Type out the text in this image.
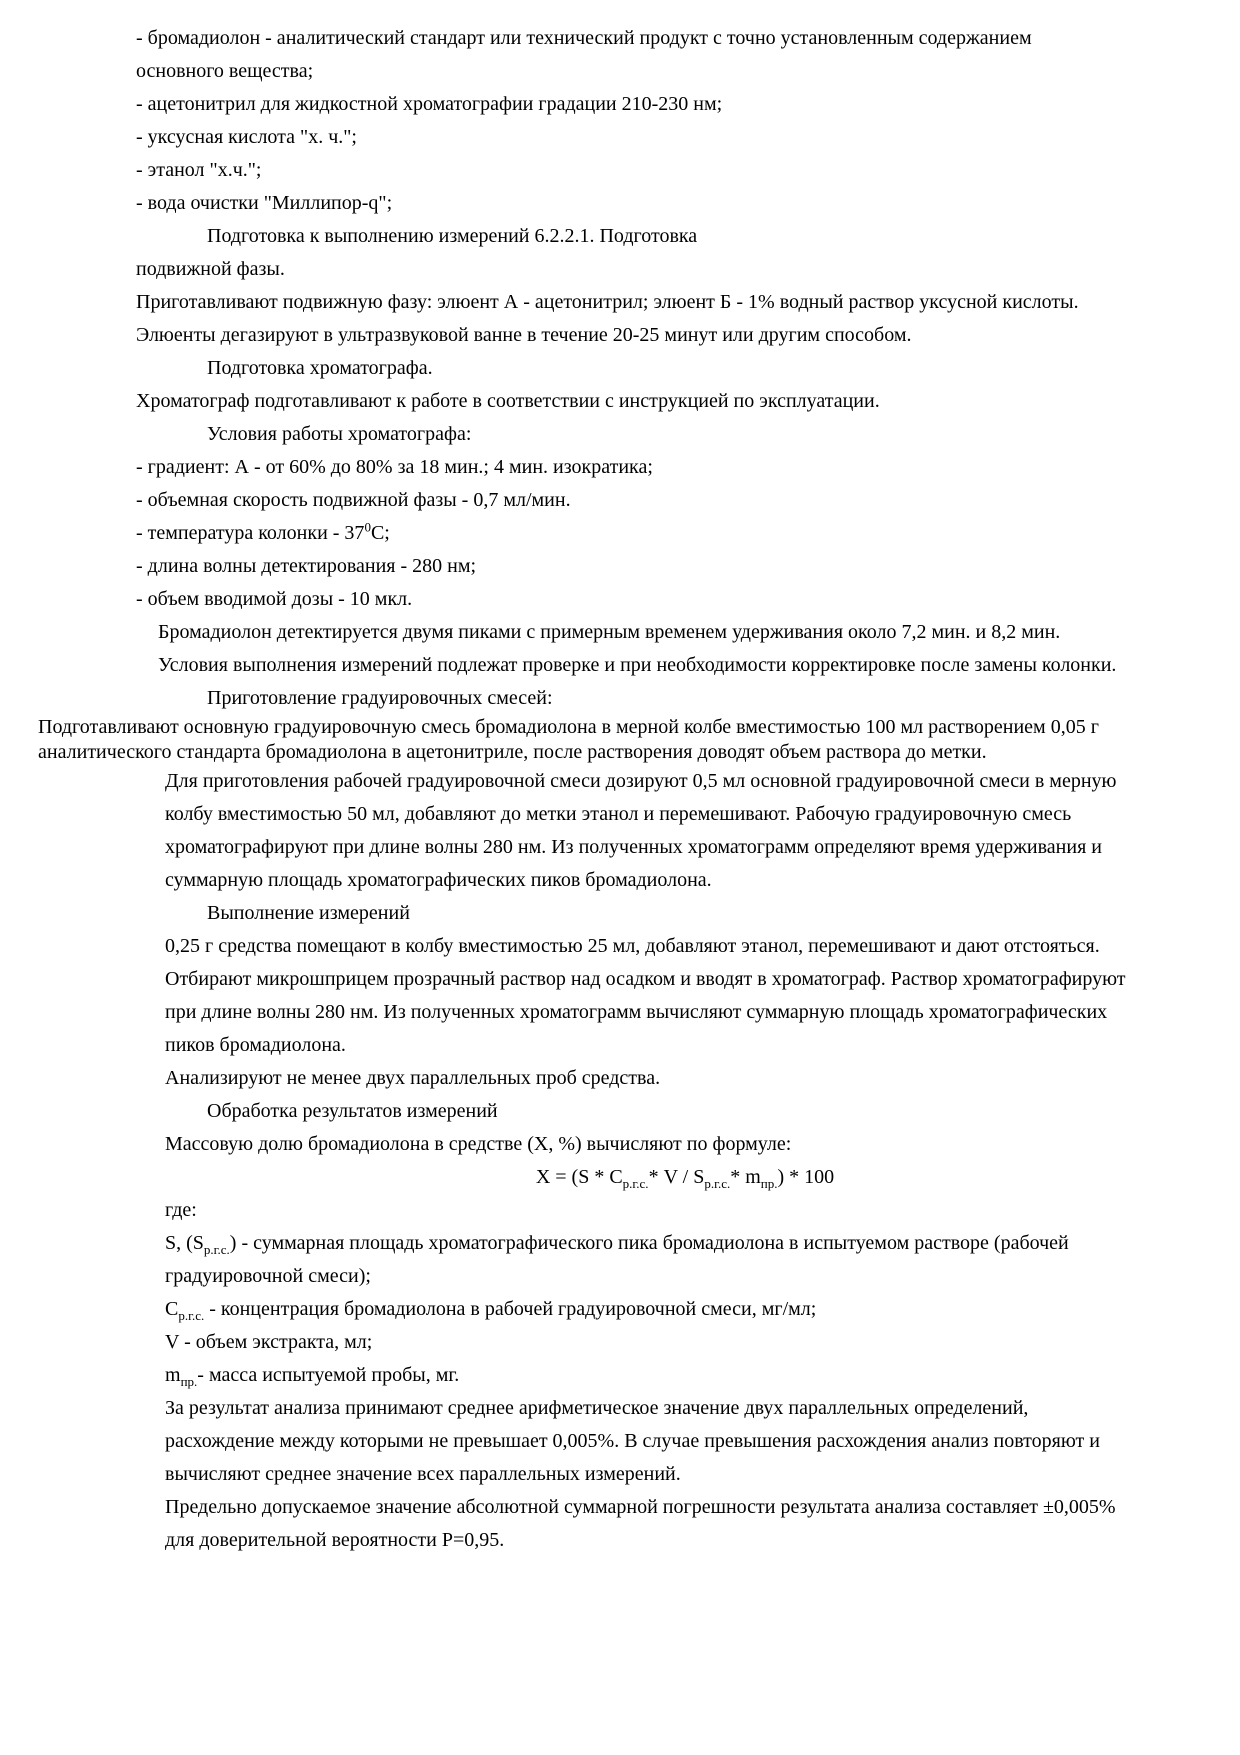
- бромадиолон - аналитический стандарт или технический продукт с точно установленным содержанием

основного вещества;

- ацетонитрил для жидкостной хроматографии градации 210-230 нм;

- уксусная кислота "х. ч.";

- этанол "х.ч.";

- вода очистки "Миллипор-q";

Подготовка к выполнению измерений 6.2.2.1. Подготовка

подвижной фазы.

Приготавливают подвижную фазу: элюент А - ацетонитрил; элюент Б - 1% водный раствор уксусной кислоты.

Элюенты дегазируют в ультразвуковой ванне в течение 20-25 минут или другим способом.

Подготовка хроматографа.

Хроматограф подготавливают к работе в соответствии с инструкцией по эксплуатации.

Условия работы хроматографа:

- градиент: А - от 60% до 80% за 18 мин.; 4 мин. изократика;

- объемная скорость подвижной фазы - 0,7 мл/мин.

- температура колонки - $37^0С$;

- длина волны детектирования - 280 нм;

- объем вводимой дозы - 10 мкл.

Бромадиолон детектируется двумя пиками с примерным временем удерживания около 7,2 мин. и 8,2 мин.

Условия выполнения измерений подлежат проверке и при необходимости корректировке после замены колонки.

Приготовление градуировочных смесей:

Подготавливают основную градуировочную смесь бромадиолона в мерной колбе вместимостью 100 мл растворением 0,05 г

аналитического стандарта бромадиолона в ацетонитриле, после растворения доводят объем раствора до метки.

Для приготовления рабочей градуировочной смеси дозируют 0,5 мл основной градуировочной смеси в мерную

колбу вместимостью 50 мл, добавляют до метки этанол и перемешивают. Рабочую градуировочную смесь

хроматографируют при длине волны 280 нм. Из полученных хроматограмм определяют время удерживания и

суммарную площадь хроматографических пиков бромадиолона.

Выполнение измерений

0,25 г средства помещают в колбу вместимостью 25 мл, добавляют этанол, перемешивают и дают отстояться.

Отбирают микрошприцем прозрачный раствор над осадком и вводят в хроматограф. Раствор хроматографируют

при длине волны 280 нм. Из полученных хроматограмм вычисляют суммарную площадь хроматографических

пиков бромадиолона.

Анализируют не менее двух параллельных проб средства.

Обработка результатов измерений

Массовую долю бромадиолона в средстве (X, %) вычисляют по формуле:

$X = (S * C_{р.г.с.}*$ V / $S_{р.г.с.}*$ $m_{пр.}) * 100$

где:

S, $(S_{р.г.с.})$ - суммарная площадь хроматографического пика бромадиолона в испытуемом растворе (рабочей

градуировочной смеси);

$С_{р.г.с.}$ - концентрация бромадиолона в рабочей градуировочной смеси, мг/мл;

V - объем экстракта, мл;

$m_{пр.}-$ масса испытуемой пробы, мг.

За результат анализа принимают среднее арифметическое значение двух параллельных определений,

расхождение между которыми не превышает 0,005%. В случае превышения расхождения анализ повторяют и

вычисляют среднее значение всех параллельных измерений.

Предельно допускаемое значение абсолютной суммарной погрешности результата анализа составляет ±0,005%

для доверительной вероятности Р=0,95.
